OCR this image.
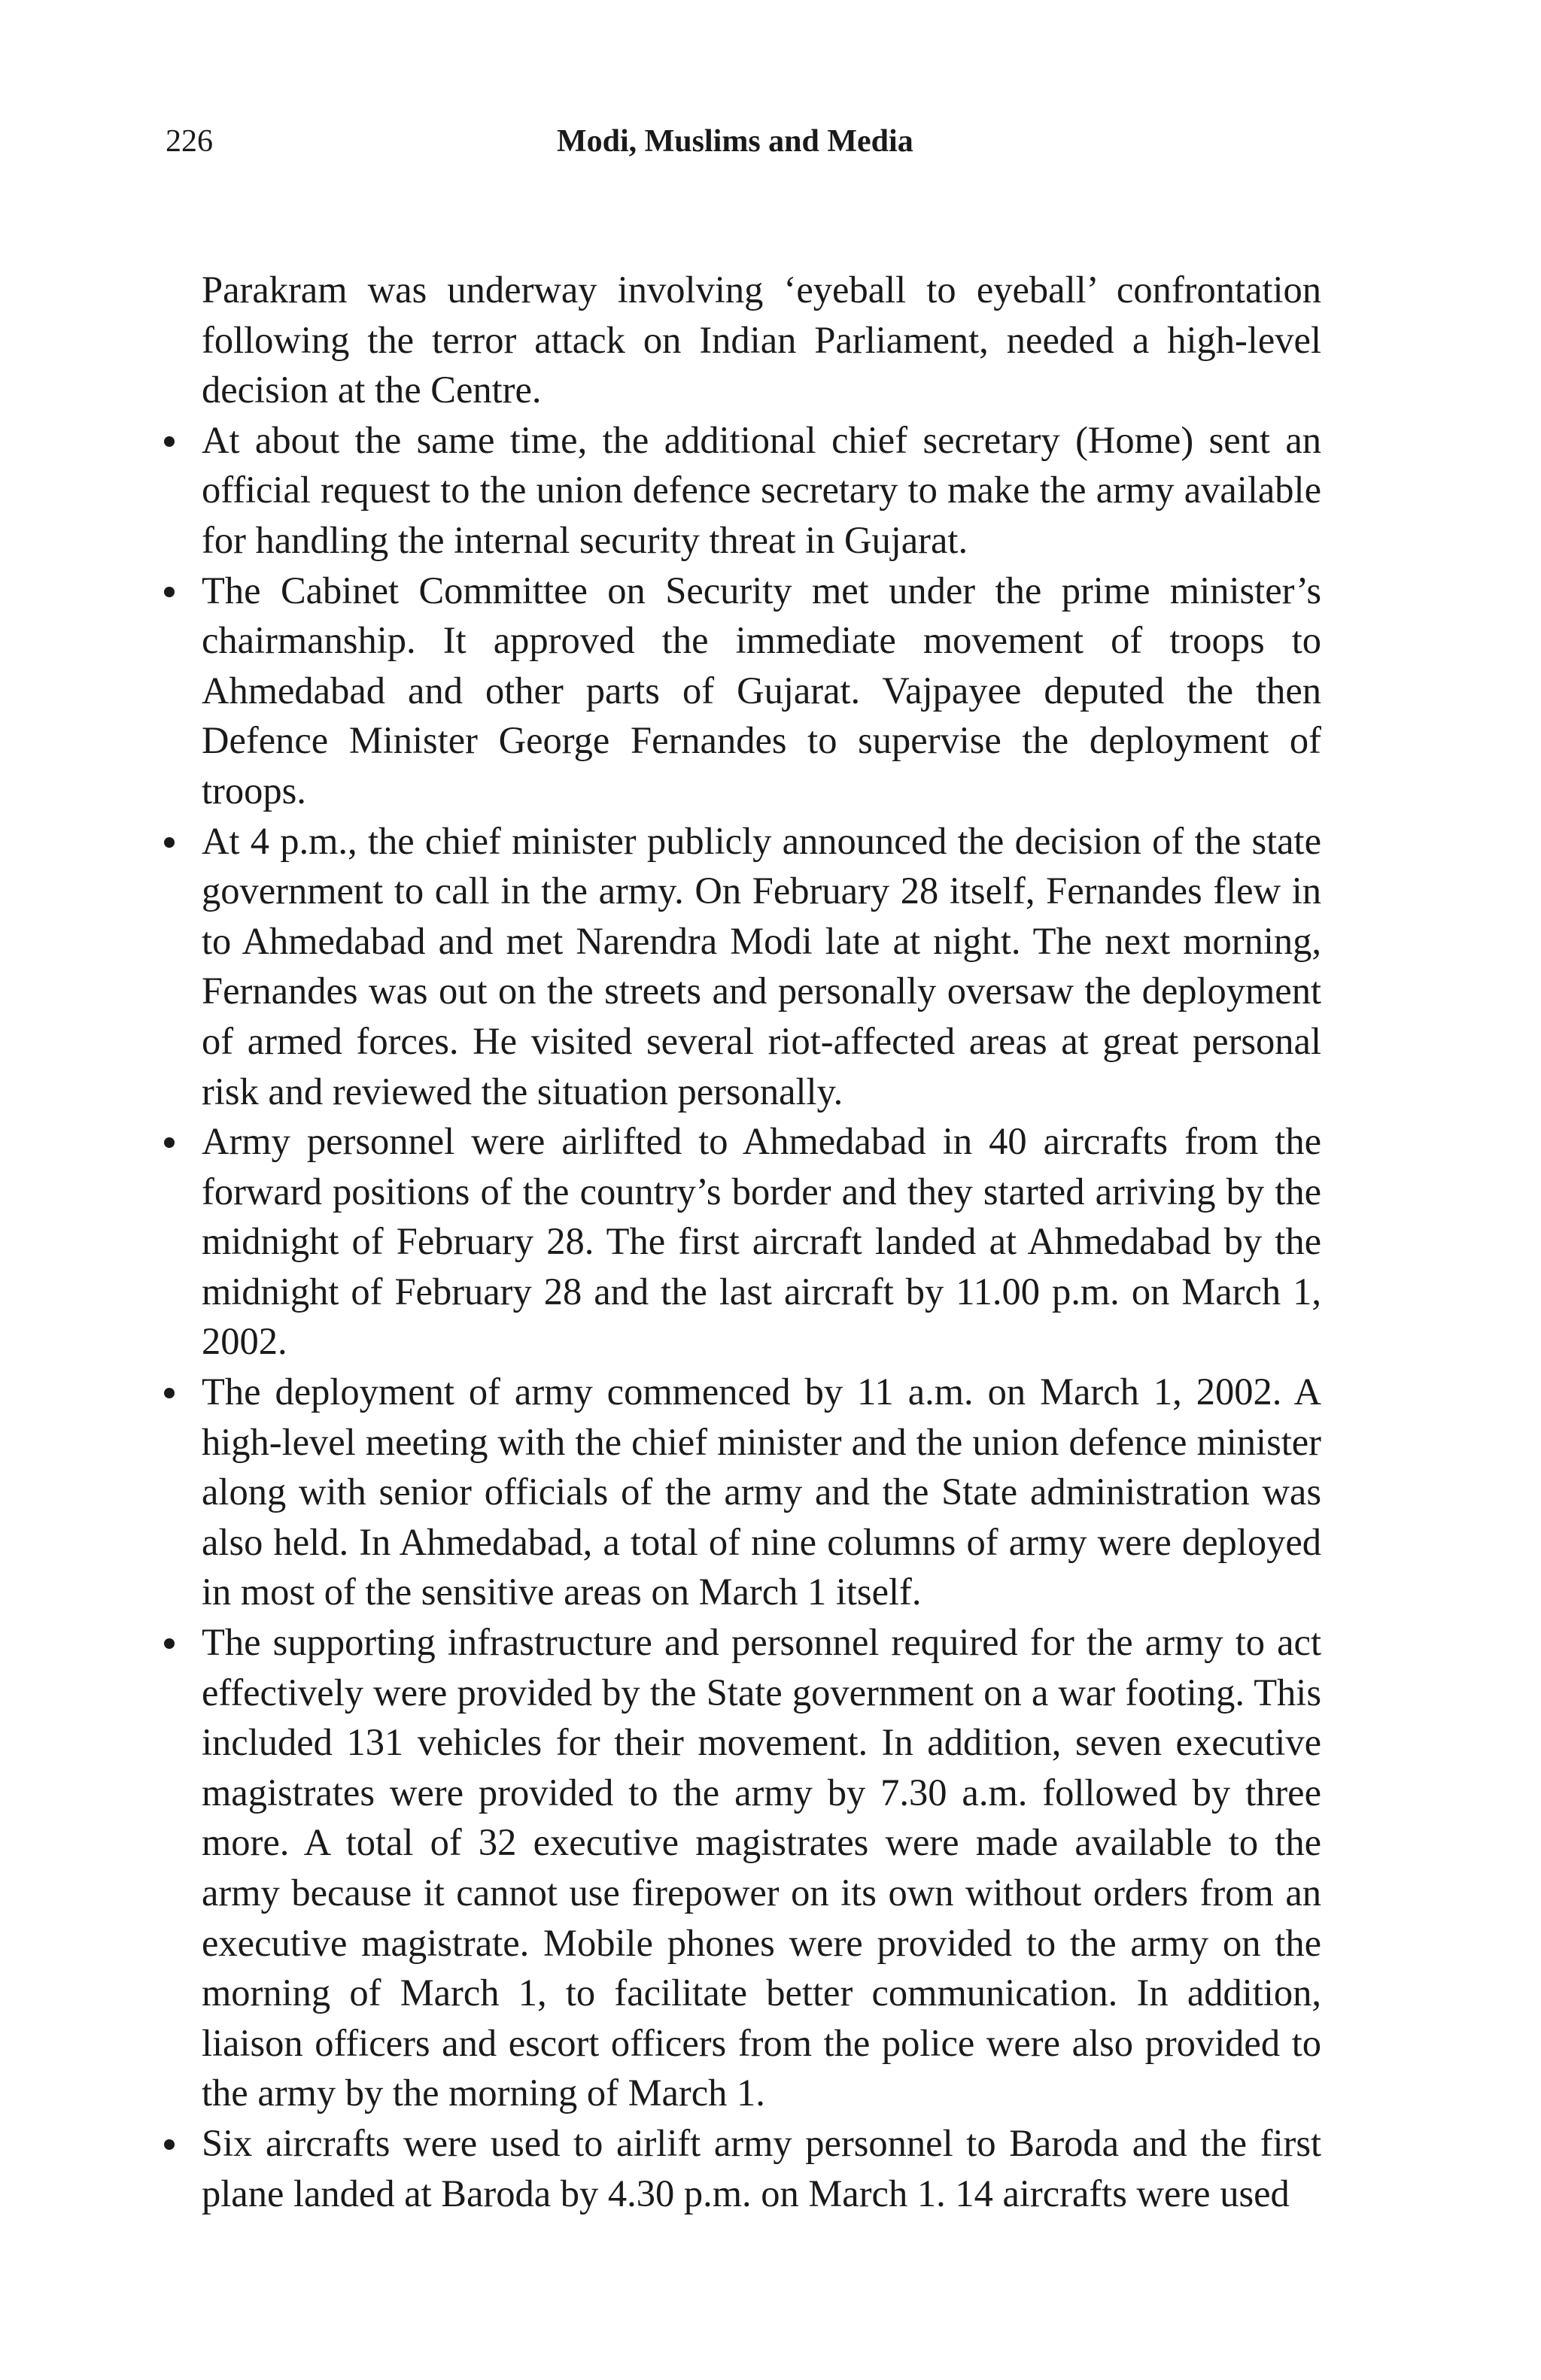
226	Modi, Muslims and Media

Parakram was underway involving ‘eyeball to eyeball’ confrontation following the terror attack on Indian Parliament, needed a high-level decision at the Centre.

At about the same time, the additional chief secretary (Home) sent an official request to the union defence secretary to make the army available for handling the internal security threat in Gujarat.
The Cabinet Committee on Security met under the prime minister’s chairmanship. It approved the immediate movement of troops to Ahmedabad and other parts of Gujarat. Vajpayee deputed the then Defence Minister George Fernandes to supervise the deployment of troops.
At 4 p.m., the chief minister publicly announced the decision of the state government to call in the army. On February 28 itself, Fernandes flew in to Ahmedabad and met Narendra Modi late at night. The next morning, Fernandes was out on the streets and personally oversaw the deployment of armed forces. He visited several riot-affected areas at great personal risk and reviewed the situation personally.
Army personnel were airlifted to Ahmedabad in 40 aircrafts from the forward positions of the country’s border and they started arriving by the midnight of February 28. The first aircraft landed at Ahmedabad by the midnight of February 28 and the last aircraft by 11.00 p.m. on March 1, 2002.
The deployment of army commenced by 11 a.m. on March 1, 2002. A high-level meeting with the chief minister and the union defence minister along with senior officials of the army and the State administration was also held. In Ahmedabad, a total of nine columns of army were deployed in most of the sensitive areas on March 1 itself.
The supporting infrastructure and personnel required for the army to act effectively were provided by the State government on a war footing. This included 131 vehicles for their movement. In addition, seven executive magistrates were provided to the army by 7.30 a.m. followed by three more. A total of 32 executive magistrates were made available to the army because it cannot use firepower on its own without orders from an executive magistrate. Mobile phones were provided to the army on the morning of March 1, to facilitate better communication. In addition, liaison officers and escort officers from the police were also provided to the army by the morning of March 1.
Six aircrafts were used to airlift army personnel to Baroda and the first plane landed at Baroda by 4.30 p.m. on March 1. 14 aircrafts were used
